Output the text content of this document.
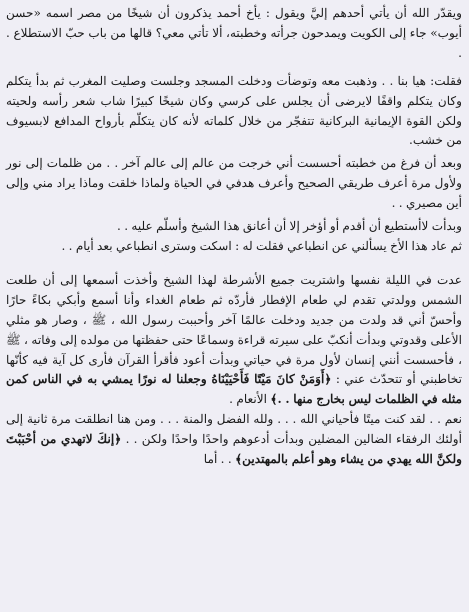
ويقدّر الله أن يأتي أحدهم إليَّ ويقول : يأخ أحمد يذكرون أن شيخًا من مصر اسمه «حسن أيوب» جاء إلى الكويت ويمدحون جرأته وخطبته، ألا تأتي معي؟ قالها من باب حبّ الاستطلاع . .

فقلت: هيا بنا . . وذهبت معه وتوضأت ودخلت المسجد وجلست وصليت المغرب ثم بدأ يتكلم وكان يتكلم واقفًا لايرضى أن يجلس على كرسي وكان شيخًا كبيرًا شاب شعر رأسه ولحيته ولكن القوة الإيمانية البركانية تتفجّر من خلال كلماته لأنه كان يتكلّم بأرواح المدافع لابسيوف من خشب.

وبعد أن فرغ من خطبته أحسست أني خرجت من عالم إلى عالم آخر . . من ظلمات إلى نور ولأول مرة أعرف طريقي الصحيح وأعرف هدفي في الحياة ولماذا خلقت وماذا يراد مني وإلى أين مصيري . .

وبدأت لاأستطيع أن أقدم أو أؤخر إلا أن أعانق هذا الشيخ وأسلّم عليه . .

ثم عاد هذا الأخ يسألني عن انطباعي فقلت له : اسكت وسترى انطباعي بعد أيام . .

عدت في الليلة نفسها واشتريت جميع الأشرطة لهذا الشيخ وأخذت أسمعها إلى أن طلعت الشمس وولدتي تقدم لي طعام الإفطار فأردّه ثم طعام الغداء وأنا أسمع وأبكي بكاءً حارًا وأحسّ أني قد ولدت من جديد ودخلت عالمًا آخر وأحببت رسول الله ، ﷺ ، وصار هو مثلي الأعلى وقدوتي وبدأت أنكبّ على سيرته قراءة وسماعًا حتى حفظتها من مولده إلى وفاته ، ﷺ ، فأحسست أنني إنسان لأول مرة في حياتي وبدأت أعود فأقرأ القرآن فأرى كل آية فيه كأنّها تخاطبني أو تتحدّث عني : ﴿أَوَمَنْ كانَ مَيْتًا فَأَحْيَيْنَاهُ وجعلنا له نورًا يمشي به في الناس كمن مثله في الظلمات ليس بخارج منها . .﴾ الأنعام .

نعم . . لقد كنت ميتًا فأحياني الله . . . ولله الفضل والمنة . . . ومن هنا انطلقت مرة ثانية إلى أولئك الرفقاء الضالين المضلين وبدأت أدعوهم واحدًا واحدًا ولكن . . ﴿إنكَ لاتهدي من أحْبَبْتَ ولكنَّ الله يهدي من يشاء وهو أعلم بالمهتدين﴾ . . أما
